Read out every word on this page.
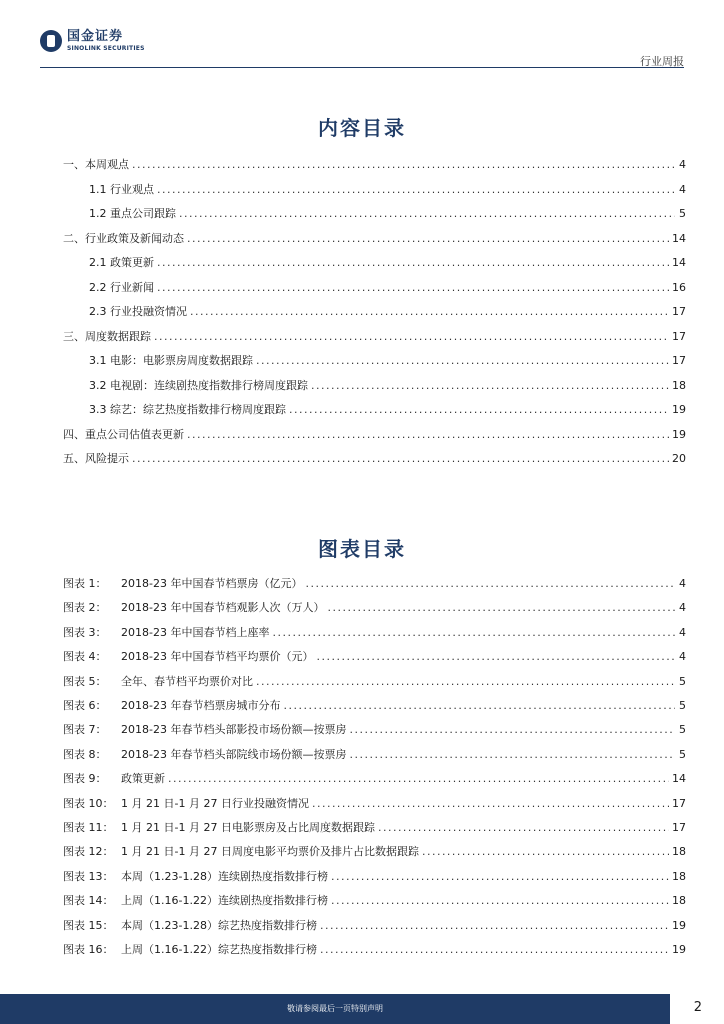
国金证券
SINOLINK SECURITIES
行业周报
内容目录
一、本周观点 .....	4
1.1 行业观点 .....	4
1.2 重点公司跟踪 .....	5
二、行业政策及新闻动态 .....	14
2.1 政策更新 .....	14
2.2 行业新闻 .....	16
2.3 行业投融资情况 .....	17
三、周度数据跟踪 .....	17
3.1 电影：电影票房周度数据跟踪 .....	17
3.2 电视剧：连续剧热度指数排行榜周度跟踪 .....	18
3.3 综艺：综艺热度指数排行榜周度跟踪 .....	19
四、重点公司估值表更新 .....	19
五、风险提示 .....	20
图表目录
图表 1：	2018-23 年中国春节档票房（亿元） .....	4
图表 2：	2018-23 年中国春节档观影人次（万人） .....	4
图表 3：	2018-23 年中国春节档上座率 .....	4
图表 4：	2018-23 年中国春节档平均票价（元） .....	4
图表 5：	全年、春节档平均票价对比 .....	5
图表 6：	2018-23 年春节档票房城市分布 .....	5
图表 7：	2018-23 年春节档头部影投市场份额—按票房 .....	5
图表 8：	2018-23 年春节档头部院线市场份额—按票房 .....	5
图表 9：	政策更新 .....	14
图表 10： 1 月 21 日-1 月 27 日行业投融资情况 .....	17
图表 11： 1 月 21 日-1 月 27 日电影票房及占比周度数据跟踪 .....	17
图表 12： 1 月 21 日-1 月 27 日周度电影平均票价及排片占比数据跟踪 .....	18
图表 13： 本周（1.23-1.28）连续剧热度指数排行榜 .....	18
图表 14： 上周（1.16-1.22）连续剧热度指数排行榜 .....	18
图表 15： 本周（1.23-1.28）综艺热度指数排行榜 .....	19
图表 16： 上周（1.16-1.22）综艺热度指数排行榜 .....	19
敬请参阅最后一页特别声明	2
